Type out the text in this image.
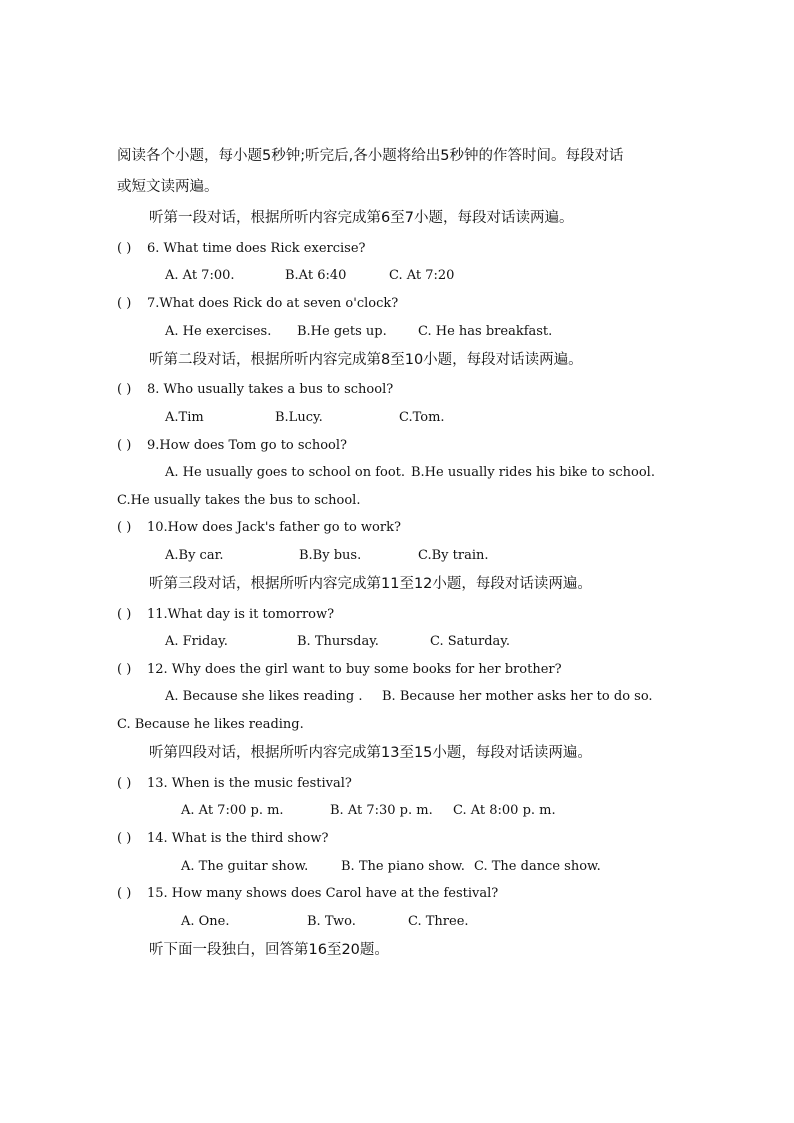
阅读各个小题，每小题5秒钟;听完后,各小题将给出5秒钟的作答时间。每段对话
或短文读两遍。
听第一段对话，根据所听内容完成第6至7小题，每段对话读两遍。
( ) 6. What time does Rick exercise?
A. At 7:00.	B.At 6:40	C. At 7:20
( ) 7.What does Rick do at seven o'clock?
A. He exercises. B.He gets up. C. He has breakfast.
听第二段对话，根据所听内容完成第8至10小题，每段对话读两遍。
( ) 8. Who usually takes a bus to school?
A.Tim	B.Lucy.	C.Tom.
( ) 9.How does Tom go to school?
A. He usually goes to school on foot. B.He usually rides his bike to school.
C.He usually takes the bus to school.
( ) 10.How does Jack's father go to work?
A.By car.	B.By bus.	C.By train.
听第三段对话，根据所听内容完成第11至12小题，每段对话读两遍。
( ) 11.What day is it tomorrow?
A. Friday.	B. Thursday.	C. Saturday.
( ) 12. Why does the girl want to buy some books for her brother?
A. Because she likes reading . B. Because her mother asks her to do so.
C. Because he likes reading.
听第四段对话，根据所听内容完成第13至15小题，每段对话读两遍。
( ) 13. When is the music festival?
A. At 7:00 p. m.	B. At 7:30 p. m. C. At 8:00 p. m.
( ) 14. What is the third show?
A. The guitar show.	B. The piano show. C. The dance show.
( ) 15. How many shows does Carol have at the festival?
A. One.	B. Two.	C. Three.
听下面一段独白，回答第16至20题。
